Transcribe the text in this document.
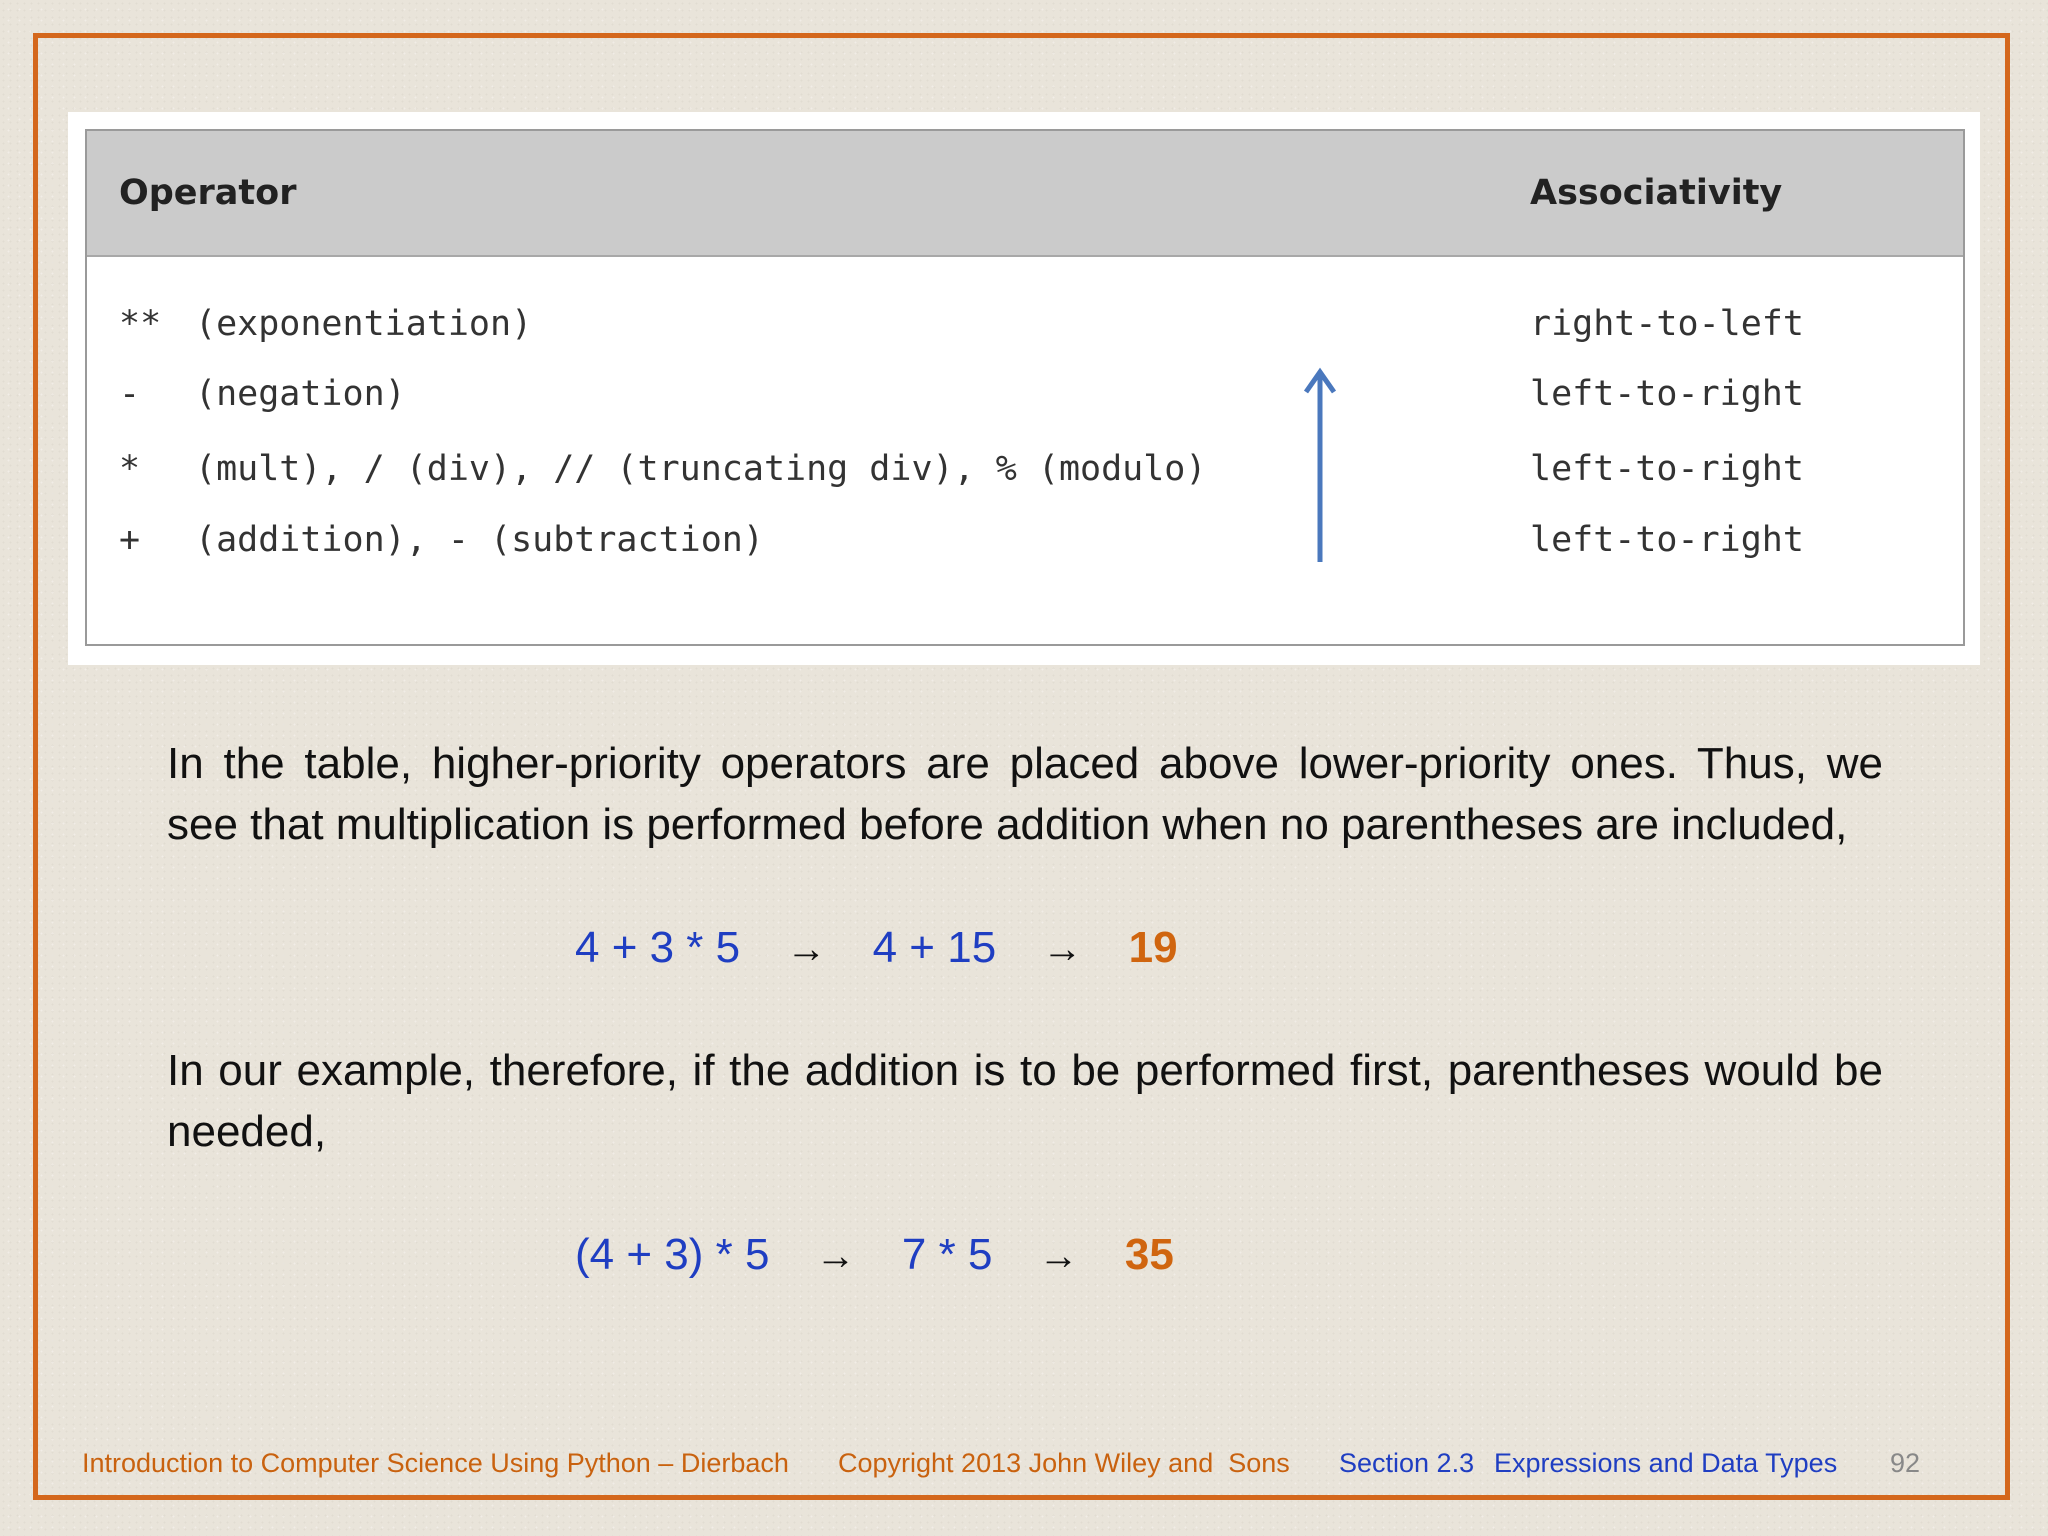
Operator	Associativity
** (exponentiation)	right-to-left
- (negation)	left-to-right
* (mult), / (div), // (truncating div), % (modulo)	left-to-right
+ (addition), - (subtraction)	left-to-right

In the table, higher-priority operators are placed above lower-priority ones. Thus, we see that multiplication is performed before addition when no parentheses are included,

4 + 3 * 5 → 4 + 15 → 19

In our example, therefore, if the addition is to be performed first, parentheses would be needed,

(4 + 3) * 5 → 7 * 5 → 35
Introduction to Computer Science Using Python – Dierbach Copyright 2013 John Wiley and  Sons Section 2.3 Expressions and Data Types 92
